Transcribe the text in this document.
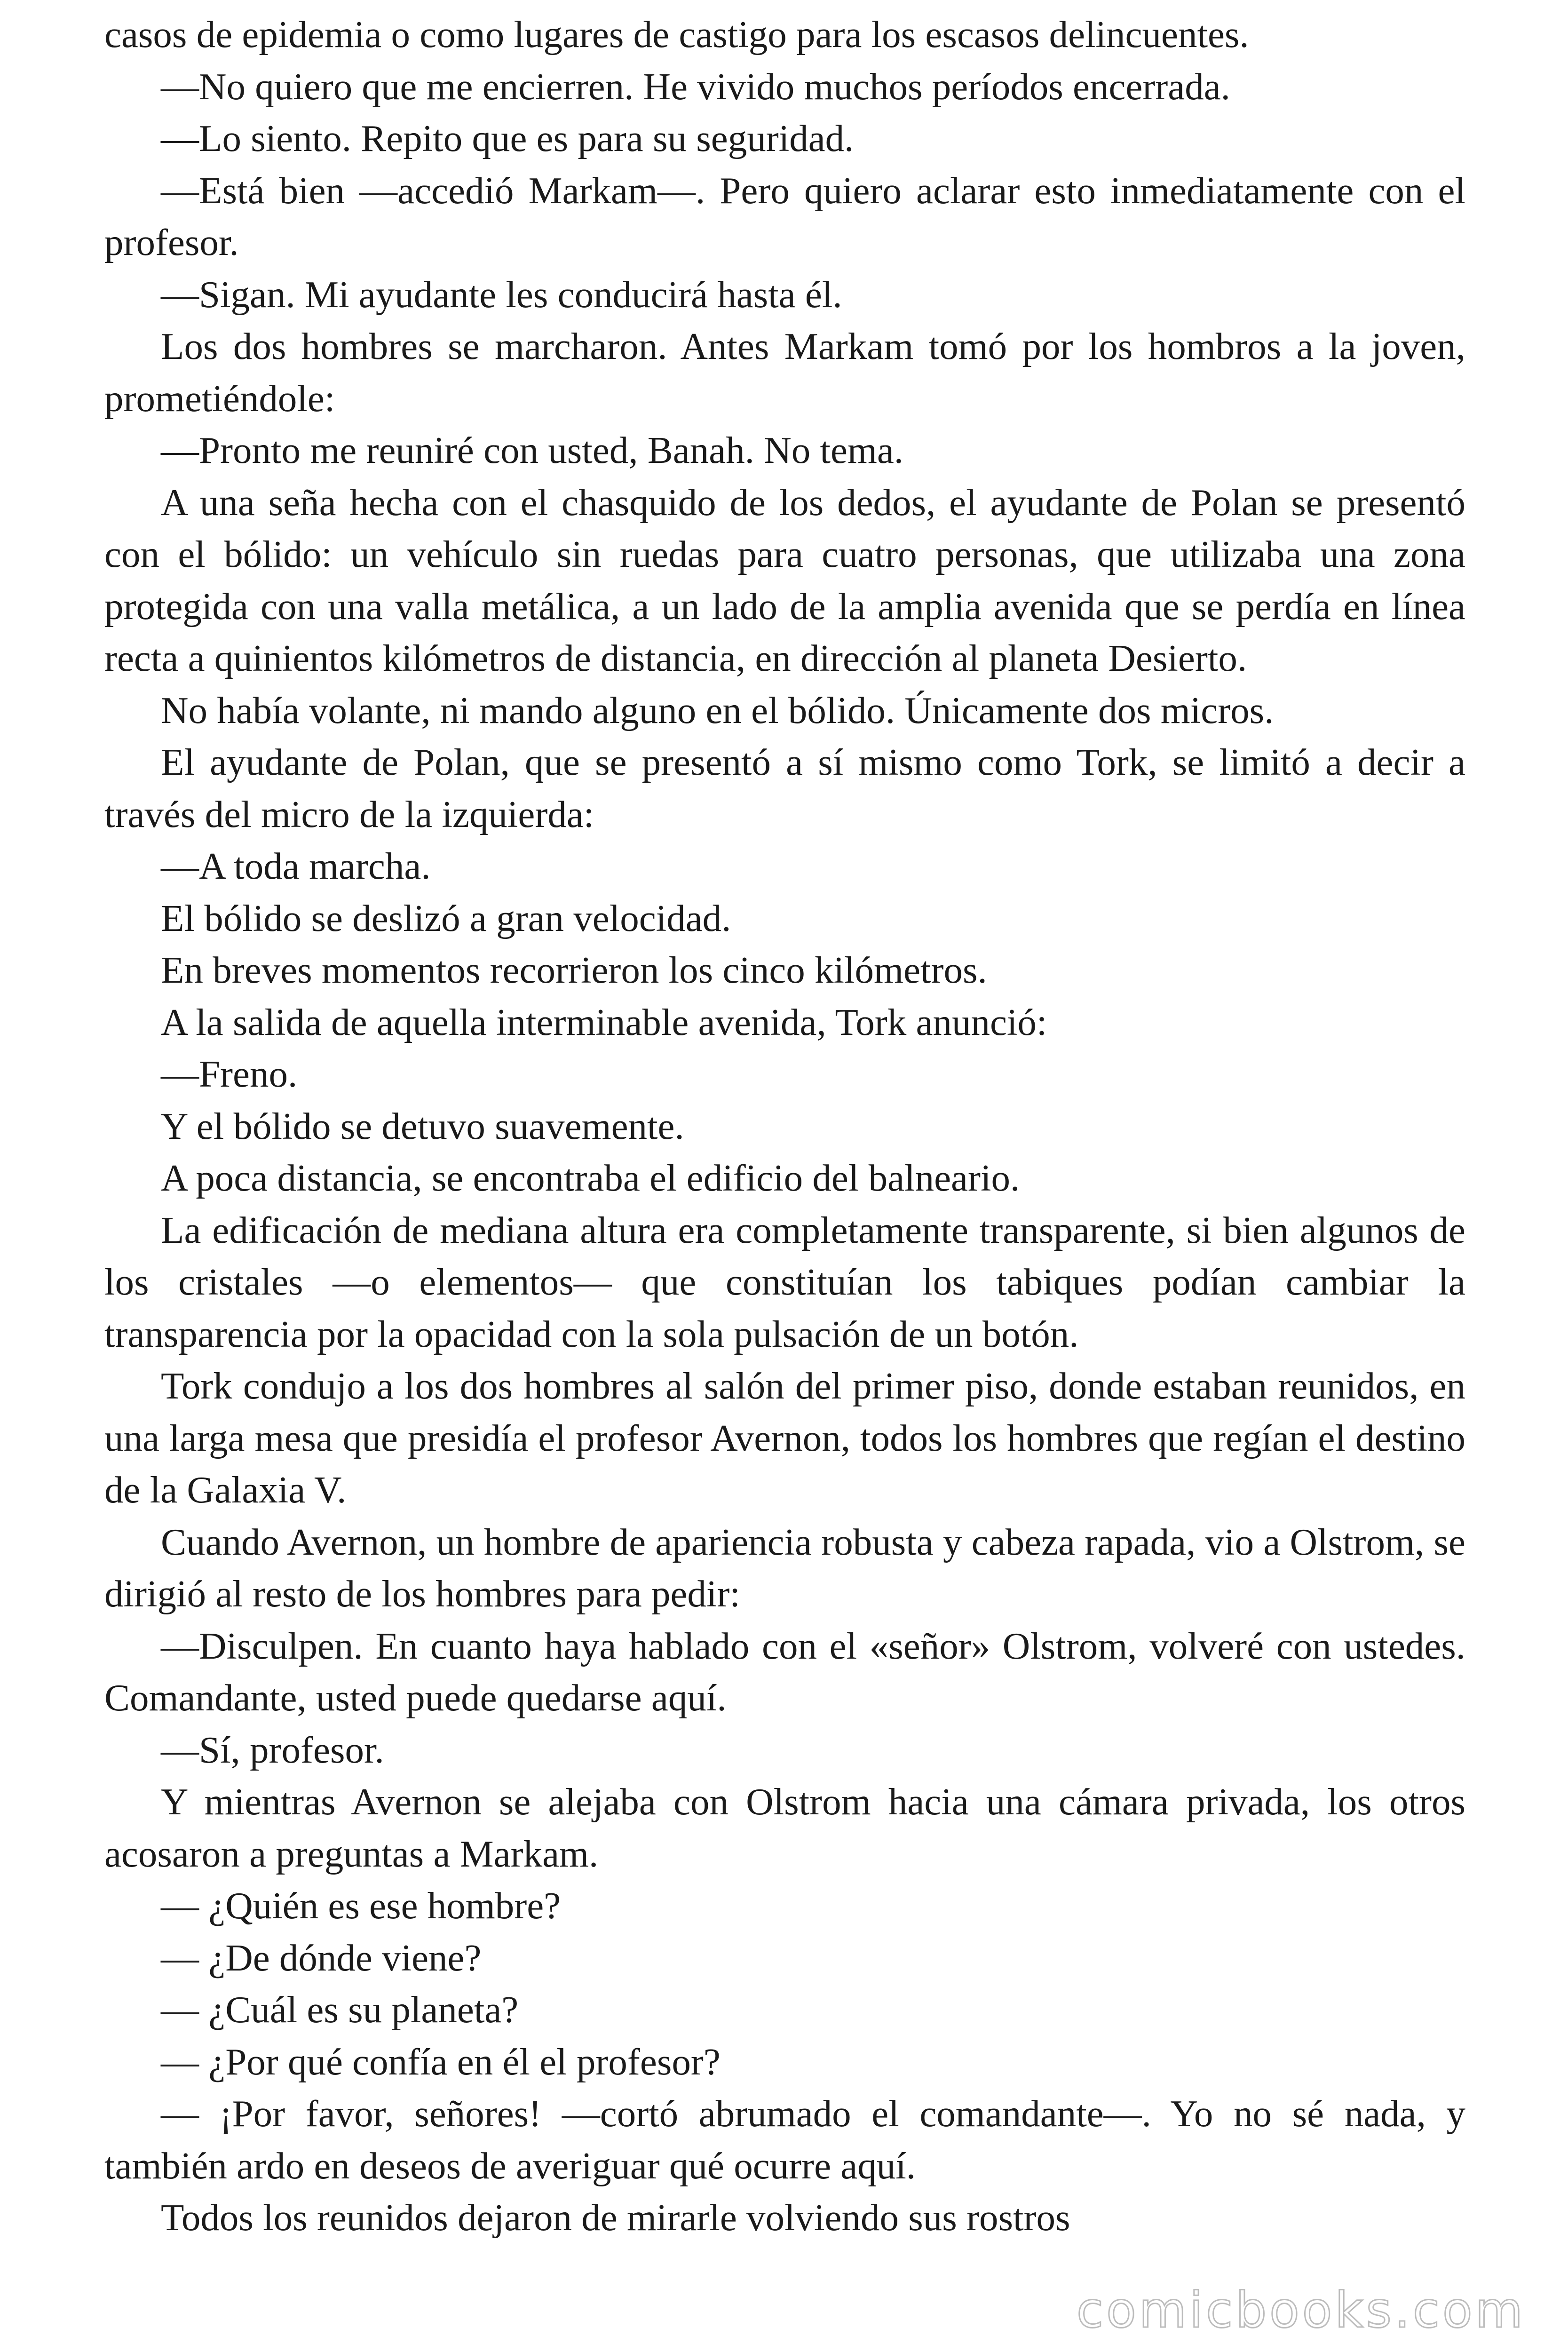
casos de epidemia o como lugares de castigo para los escasos delincuentes.

—No quiero que me encierren. He vivido muchos períodos encerrada.

—Lo siento. Repito que es para su seguridad.

—Está bien —accedió Markam—. Pero quiero aclarar esto inmediatamente con el profesor.

—Sigan. Mi ayudante les conducirá hasta él.

Los dos hombres se marcharon. Antes Markam tomó por los hombros a la joven, prometiéndole:

—Pronto me reuniré con usted, Banah. No tema.

A una seña hecha con el chasquido de los dedos, el ayudante de Polan se presentó con el bólido: un vehículo sin ruedas para cuatro personas, que utilizaba una zona protegida con una valla metálica, a un lado de la amplia avenida que se perdía en línea recta a quinientos kilómetros de distancia, en dirección al planeta Desierto.

No había volante, ni mando alguno en el bólido. Únicamente dos micros.

El ayudante de Polan, que se presentó a sí mismo como Tork, se limitó a decir a través del micro de la izquierda:

—A toda marcha.

El bólido se deslizó a gran velocidad.

En breves momentos recorrieron los cinco kilómetros.

A la salida de aquella interminable avenida, Tork anunció:

—Freno.

Y el bólido se detuvo suavemente.

A poca distancia, se encontraba el edificio del balneario.

La edificación de mediana altura era completamente transparente, si bien algunos de los cristales —o elementos— que constituían los tabiques podían cambiar la transparencia por la opacidad con la sola pulsación de un botón.

Tork condujo a los dos hombres al salón del primer piso, donde estaban reunidos, en una larga mesa que presidía el profesor Avernon, todos los hombres que regían el destino de la Galaxia V.

Cuando Avernon, un hombre de apariencia robusta y cabeza rapada, vio a Olstrom, se dirigió al resto de los hombres para pedir:

—Disculpen. En cuanto haya hablado con el «señor» Olstrom, volveré con ustedes. Comandante, usted puede quedarse aquí.

—Sí, profesor.

Y mientras Avernon se alejaba con Olstrom hacia una cámara privada, los otros acosaron a preguntas a Markam.

— ¿Quién es ese hombre?

— ¿De dónde viene?

— ¿Cuál es su planeta?

— ¿Por qué confía en él el profesor?

— ¡Por favor, señores! —cortó abrumado el comandante—. Yo no sé nada, y también ardo en deseos de averiguar qué ocurre aquí.

Todos los reunidos dejaron de mirarle volviendo sus rostros

comicbooks.com
